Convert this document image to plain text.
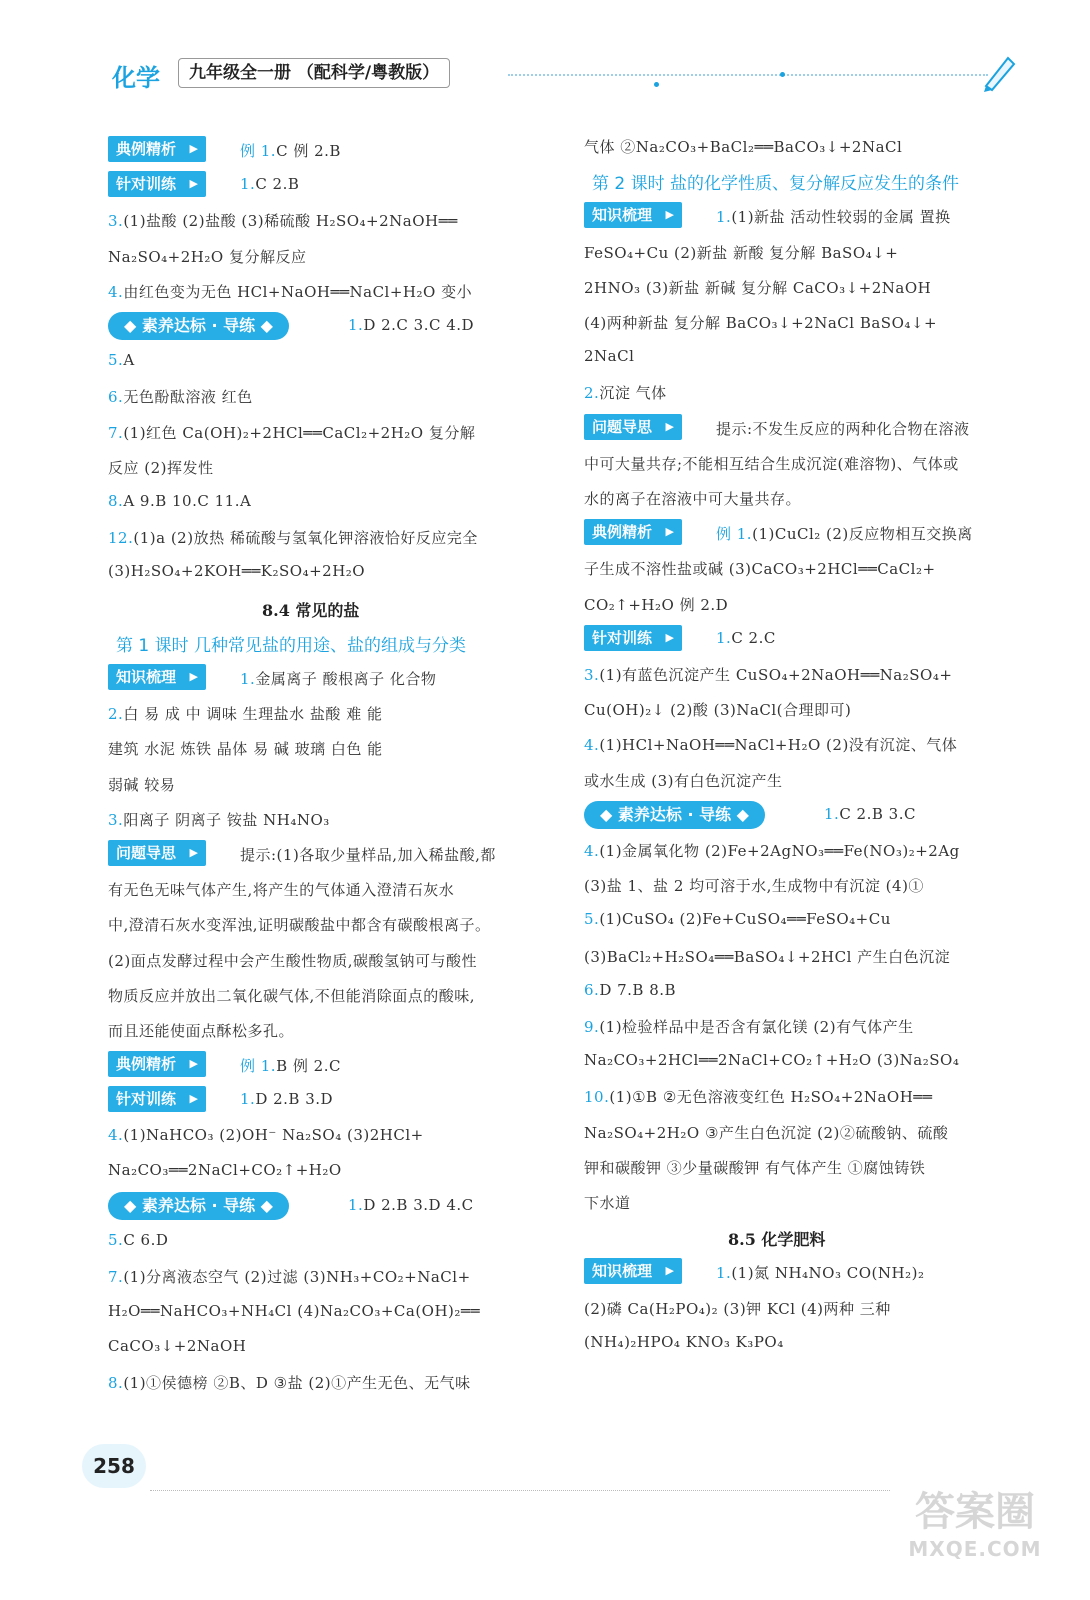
化学	九年级全一册 （配科学/粤教版）
典例精析 ▶	例 1.C 例 2.B
针对训练 ▶	1.C 2.B
3.(1)盐酸 (2)盐酸 (3)稀硫酸 H₂SO₄+2NaOH══
Na₂SO₄+2H₂O 复分解反应
4.由红色变为无色 HCl+NaOH══NaCl+H₂O 变小
◆ 素养达标 · 导练 ◆	1.D 2.C 3.C 4.D
5.A
6.无色酚酞溶液 红色
7.(1)红色 Ca(OH)₂+2HCl══CaCl₂+2H₂O 复分解
反应 (2)挥发性
8.A 9.B 10.C 11.A
12.(1)a (2)放热 稀硫酸与氢氧化钾溶液恰好反应完全
(3)H₂SO₄+2KOH══K₂SO₄+2H₂O
8.4 常见的盐
第 1 课时 几种常见盐的用途、盐的组成与分类
知识梳理 ▶	1.金属离子 酸根离子 化合物
2.白 易 成 中 调味 生理盐水 盐酸 难 能
建筑 水泥 炼铁 晶体 易 碱 玻璃 白色 能
弱碱 较易
3.阳离子 阴离子 铵盐 NH₄NO₃
问题导思 ▶	提示:(1)各取少量样品,加入稀盐酸,都
有无色无味气体产生,将产生的气体通入澄清石灰水
中,澄清石灰水变浑浊,证明碳酸盐中都含有碳酸根离子。
(2)面点发酵过程中会产生酸性物质,碳酸氢钠可与酸性
物质反应并放出二氧化碳气体,不但能消除面点的酸味,
而且还能使面点酥松多孔。
典例精析 ▶	例 1.B 例 2.C
针对训练 ▶	1.D 2.B 3.D
4.(1)NaHCO₃ (2)OH⁻ Na₂SO₄ (3)2HCl+
Na₂CO₃══2NaCl+CO₂↑+H₂O
◆ 素养达标 · 导练 ◆	1.D 2.B 3.D 4.C
5.C 6.D
7.(1)分离液态空气 (2)过滤 (3)NH₃+CO₂+NaCl+
H₂O══NaHCO₃+NH₄Cl (4)Na₂CO₃+Ca(OH)₂══
CaCO₃↓+2NaOH
8.(1)①侯德榜 ②B、D ③盐 (2)①产生无色、无气味
气体 ②Na₂CO₃+BaCl₂══BaCO₃↓+2NaCl
第 2 课时 盐的化学性质、复分解反应发生的条件
知识梳理 ▶	1.(1)新盐 活动性较弱的金属 置换
FeSO₄+Cu (2)新盐 新酸 复分解 BaSO₄↓+
2HNO₃ (3)新盐 新碱 复分解 CaCO₃↓+2NaOH
(4)两种新盐 复分解 BaCO₃↓+2NaCl BaSO₄↓+
2NaCl
2.沉淀 气体
问题导思 ▶	提示:不发生反应的两种化合物在溶液
中可大量共存;不能相互结合生成沉淀(难溶物)、气体或
水的离子在溶液中可大量共存。
典例精析 ▶	例 1.(1)CuCl₂ (2)反应物相互交换离
子生成不溶性盐或碱 (3)CaCO₃+2HCl══CaCl₂+
CO₂↑+H₂O 例 2.D
针对训练 ▶	1.C 2.C
3.(1)有蓝色沉淀产生 CuSO₄+2NaOH══Na₂SO₄+
Cu(OH)₂↓ (2)酸 (3)NaCl(合理即可)
4.(1)HCl+NaOH══NaCl+H₂O (2)没有沉淀、气体
或水生成 (3)有白色沉淀产生
◆ 素养达标 · 导练 ◆	1.C 2.B 3.C
4.(1)金属氧化物 (2)Fe+2AgNO₃══Fe(NO₃)₂+2Ag
(3)盐 1、盐 2 均可溶于水,生成物中有沉淀 (4)①
5.(1)CuSO₄ (2)Fe+CuSO₄══FeSO₄+Cu
(3)BaCl₂+H₂SO₄══BaSO₄↓+2HCl 产生白色沉淀
6.D 7.B 8.B
9.(1)检验样品中是否含有氯化镁 (2)有气体产生
Na₂CO₃+2HCl══2NaCl+CO₂↑+H₂O (3)Na₂SO₄
10.(1)①B ②无色溶液变红色 H₂SO₄+2NaOH══
Na₂SO₄+2H₂O ③产生白色沉淀 (2)②硫酸钠、硫酸
钾和碳酸钾 ③少量碳酸钾 有气体产生 ①腐蚀铸铁
下水道
8.5 化学肥料
知识梳理 ▶	1.(1)氮 NH₄NO₃ CO(NH₂)₂
(2)磷 Ca(H₂PO₄)₂ (3)钾 KCl (4)两种 三种
(NH₄)₂HPO₄ KNO₃ K₃PO₄
258
答案圈
MXQE.COM
